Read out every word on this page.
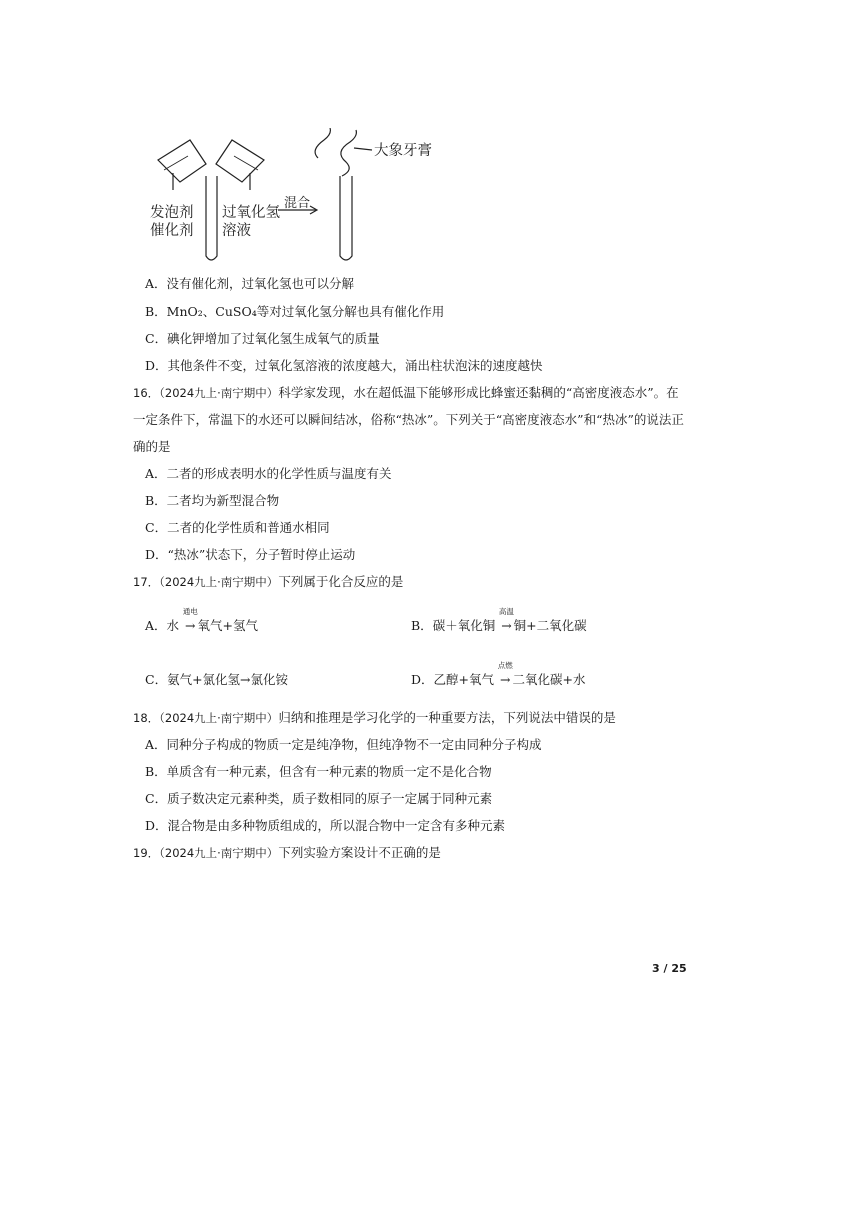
发泡剂
催化剂
过氧化氢
溶液
混合
大象牙膏
A．没有催化剂，过氧化氢也可以分解
B．MnO₂、CuSO₄等对过氧化氢分解也具有催化作用
C．碘化钾增加了过氧化氢生成氧气的质量
D．其他条件不变，过氧化氢溶液的浓度越大，涌出柱状泡沫的速度越快
16．（2024九上·南宁期中）科学家发现，水在超低温下能够形成比蜂蜜还黏稠的“高密度液态水”。在
一定条件下，常温下的水还可以瞬间结冰，俗称“热冰”。下列关于“高密度液态水”和“热冰”的说法正
确的是
A．二者的形成表明水的化学性质与温度有关
B．二者均为新型混合物
C．二者的化学性质和普通水相同
D．“热冰”状态下，分子暂时停止运动
17．（2024九上·南宁期中）下列属于化合反应的是
A．水
通电
→ 氧气+氢气	B．碳＋氧化铜
高温
→ 铜+二氧化碳
C．氨气+氯化氢→氯化铵	D．乙醇+氧气
点燃
→ 二氧化碳+水
18．（2024九上·南宁期中）归纳和推理是学习化学的一种重要方法，下列说法中错误的是
A．同种分子构成的物质一定是纯净物，但纯净物不一定由同种分子构成
B．单质含有一种元素，但含有一种元素的物质一定不是化合物
C．质子数决定元素种类，质子数相同的原子一定属于同种元素
D．混合物是由多种物质组成的，所以混合物中一定含有多种元素
19．（2024九上·南宁期中）下列实验方案设计不正确的是
3 / 25
